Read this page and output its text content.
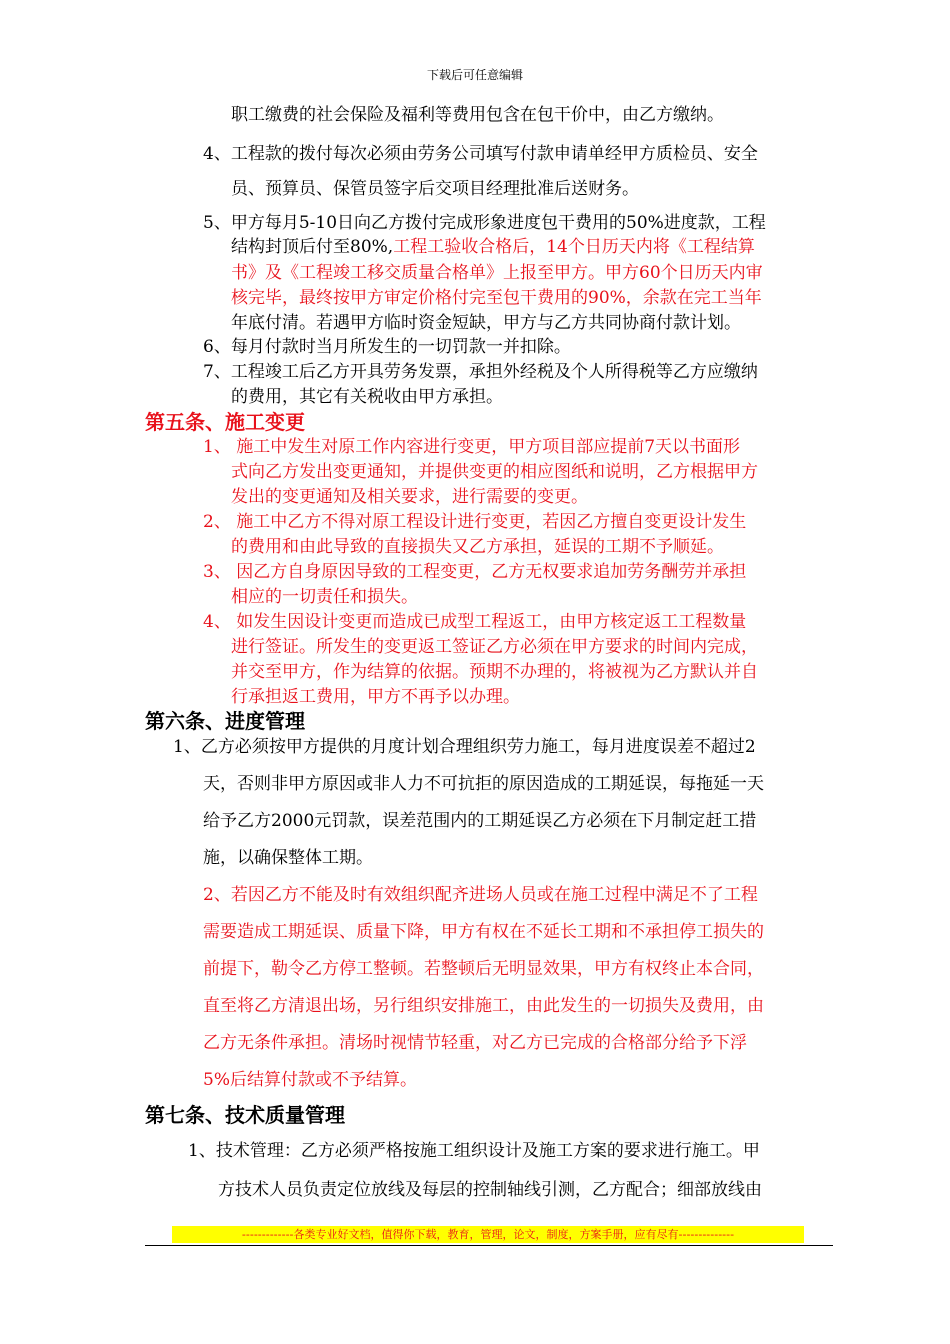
下载后可任意编辑
职工缴费的社会保险及福利等费用包含在包干价中，由乙方缴纳。
4、工程款的拨付每次必须由劳务公司填写付款申请单经甲方质检员、安全
员、预算员、保管员签字后交项目经理批准后送财务。
5、甲方每月5-10日向乙方拨付完成形象进度包干费用的50%进度款，工程
结构封顶后付至80%,工程工验收合格后，14个日历天内将《工程结算
书》及《工程竣工移交质量合格单》上报至甲方。甲方60个日历天内审
核完毕，最终按甲方审定价格付完至包干费用的90%，余款在完工当年
年底付清。若遇甲方临时资金短缺，甲方与乙方共同协商付款计划。
6、每月付款时当月所发生的一切罚款一并扣除。
7、工程竣工后乙方开具劳务发票，承担外经税及个人所得税等乙方应缴纳
的费用，其它有关税收由甲方承担。
第五条、施工变更
1、 施工中发生对原工作内容进行变更，甲方项目部应提前7天以书面形
式向乙方发出变更通知，并提供变更的相应图纸和说明，乙方根据甲方
发出的变更通知及相关要求，进行需要的变更。
2、 施工中乙方不得对原工程设计进行变更，若因乙方擅自变更设计发生
的费用和由此导致的直接损失又乙方承担，延误的工期不予顺延。
3、 因乙方自身原因导致的工程变更，乙方无权要求追加劳务酬劳并承担
相应的一切责任和损失。
4、 如发生因设计变更而造成已成型工程返工，由甲方核定返工工程数量
进行签证。所发生的变更返工签证乙方必须在甲方要求的时间内完成，
并交至甲方，作为结算的依据。预期不办理的，将被视为乙方默认并自
行承担返工费用，甲方不再予以办理。
第六条、进度管理
1、乙方必须按甲方提供的月度计划合理组织劳力施工，每月进度误差不超过2
天，否则非甲方原因或非人力不可抗拒的原因造成的工期延误，每拖延一天
给予乙方2000元罚款，误差范围内的工期延误乙方必须在下月制定赶工措
施，以确保整体工期。
2、若因乙方不能及时有效组织配齐进场人员或在施工过程中满足不了工程
需要造成工期延误、质量下降，甲方有权在不延长工期和不承担停工损失的
前提下，勒令乙方停工整顿。若整顿后无明显效果，甲方有权终止本合同，
直至将乙方清退出场，另行组织安排施工，由此发生的一切损失及费用，由
乙方无条件承担。清场时视情节轻重，对乙方已完成的合格部分给予下浮
5%后结算付款或不予结算。
第七条、技术质量管理
1、技术管理：乙方必须严格按施工组织设计及施工方案的要求进行施工。甲
方技术人员负责定位放线及每层的控制轴线引测，乙方配合；细部放线由
-------------各类专业好文档，值得你下载，教育，管理，论文，制度，方案手册，应有尽有--------------
